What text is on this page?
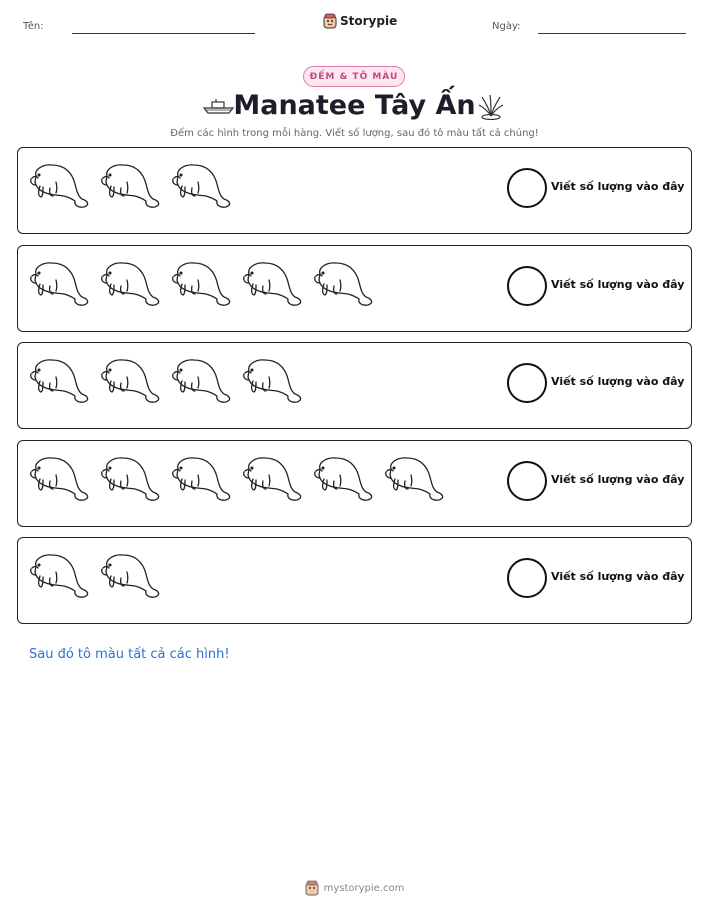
Tên:	Storypie	Ngày:
ĐẾM & TÔ MÀU
Manatee Tây Ấn
Đếm các hình trong mỗi hàng. Viết số lượng, sau đó tô màu tất cả chúng!
Viết số lượng vào đây
Viết số lượng vào đây
Viết số lượng vào đây
Viết số lượng vào đây
Viết số lượng vào đây
Sau đó tô màu tất cả các hình!
mystorypie.com
